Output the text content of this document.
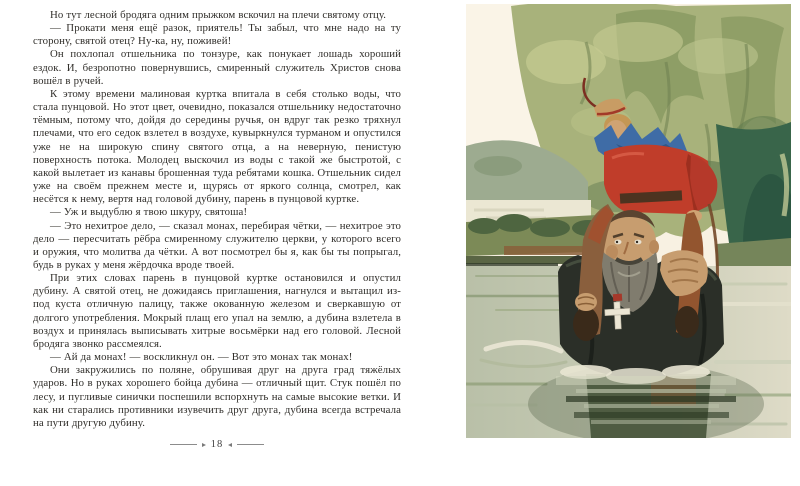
Но тут лесной бродяга одним прыжком вскочил на плечи святому отцу.

— Прокати меня ещё разок, приятель! Ты забыл, что мне надо на ту сторону, святой отец? Ну-ка, ну, поживей!

Он похлопал отшельника по тонзуре, как понукает лошадь хороший ездок. И, безропотно повернувшись, смиренный служитель Христов снова вошёл в ручей.

К этому времени малиновая куртка впитала в себя столько воды, что стала пунцовой. Но этот цвет, очевидно, показался отшельнику недостаточно тёмным, потому что, дойдя до середины ручья, он вдруг так резко тряхнул плечами, что его седок взлетел в воздухе, кувыркнулся турманом и опустился уже не на широкую спину святого отца, а на неверную, пенистую поверхность потока. Молодец выскочил из воды с такой же быстротой, с какой вылетает из канавы брошенная туда ребятами кошка. Отшельник сидел уже на своём прежнем месте и, щурясь от яркого солнца, смотрел, как несётся к нему, вертя над головой дубину, парень в пунцовой куртке.

— Уж и выдублю я твою шкуру, святоша!

— Это нехитрое дело, — сказал монах, перебирая чётки, — нехитрое это дело — пересчитать рёбра смиренному служителю церкви, у которого всего и оружия, что молитва да чётки. А вот посмотрел бы я, как бы ты попрыгал, будь в руках у меня жёрдочка вроде твоей.

При этих словах парень в пунцовой куртке остановился и опустил дубину. А святой отец, не дожидаясь приглашения, нагнулся и вытащил из-под куста отличную палицу, также окованную железом и сверкавшую от долгого употребления. Мокрый плащ его упал на землю, а дубина взлетела в воздух и принялась выписывать хитрые восьмёрки над его головой. Лесной бродяга звонко рассмеялся.

— Ай да монах! — воскликнул он. — Вот это монах так монах!

Они закружились по поляне, обрушивая друг на друга град тяжёлых ударов. Но в руках хорошего бойца дубина — отличный щит. Стук пошёл по лесу, и пугливые синички поспешили вспорхнуть на самые высокие ветки. И как ни старались противники изувечить друг друга, дубина всегда встречала на пути другую дубину.

18
